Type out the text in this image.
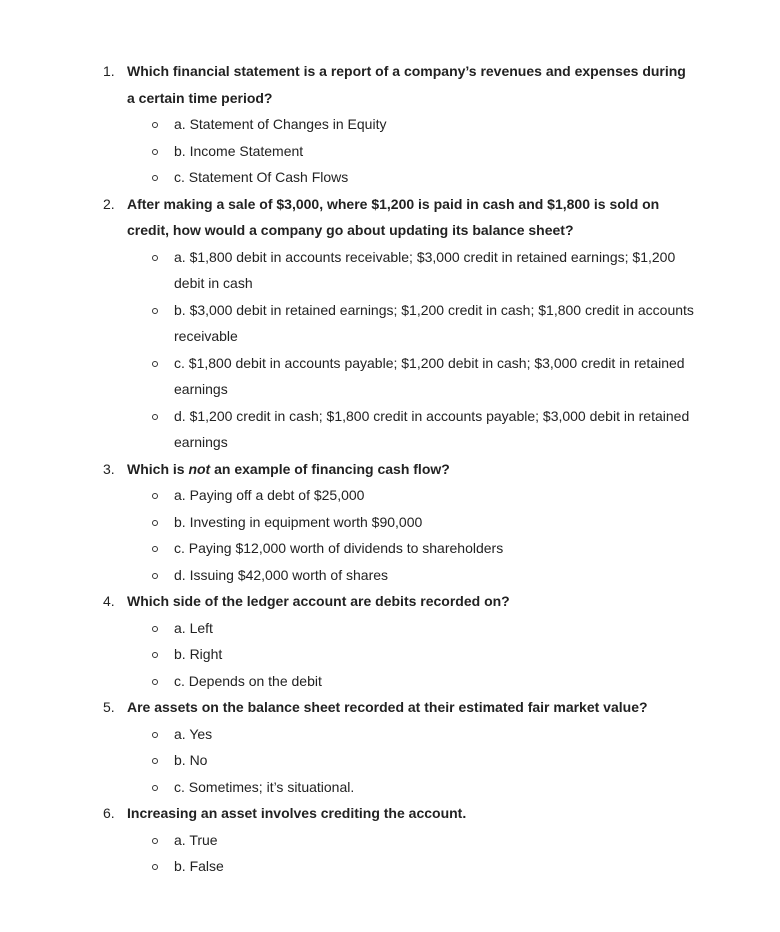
1. Which financial statement is a report of a company’s revenues and expenses during a certain time period?
a. Statement of Changes in Equity
b. Income Statement
c. Statement Of Cash Flows
2. After making a sale of $3,000, where $1,200 is paid in cash and $1,800 is sold on credit, how would a company go about updating its balance sheet?
a. $1,800 debit in accounts receivable; $3,000 credit in retained earnings; $1,200 debit in cash
b. $3,000 debit in retained earnings; $1,200 credit in cash; $1,800 credit in accounts receivable
c. $1,800 debit in accounts payable; $1,200 debit in cash; $3,000 credit in retained earnings
d. $1,200 credit in cash; $1,800 credit in accounts payable; $3,000 debit in retained earnings
3. Which is not an example of financing cash flow?
a. Paying off a debt of $25,000
b. Investing in equipment worth $90,000
c. Paying $12,000 worth of dividends to shareholders
d. Issuing $42,000 worth of shares
4. Which side of the ledger account are debits recorded on?
a. Left
b. Right
c. Depends on the debit
5. Are assets on the balance sheet recorded at their estimated fair market value?
a. Yes
b. No
c. Sometimes; it’s situational.
6. Increasing an asset involves crediting the account.
a. True
b. False
